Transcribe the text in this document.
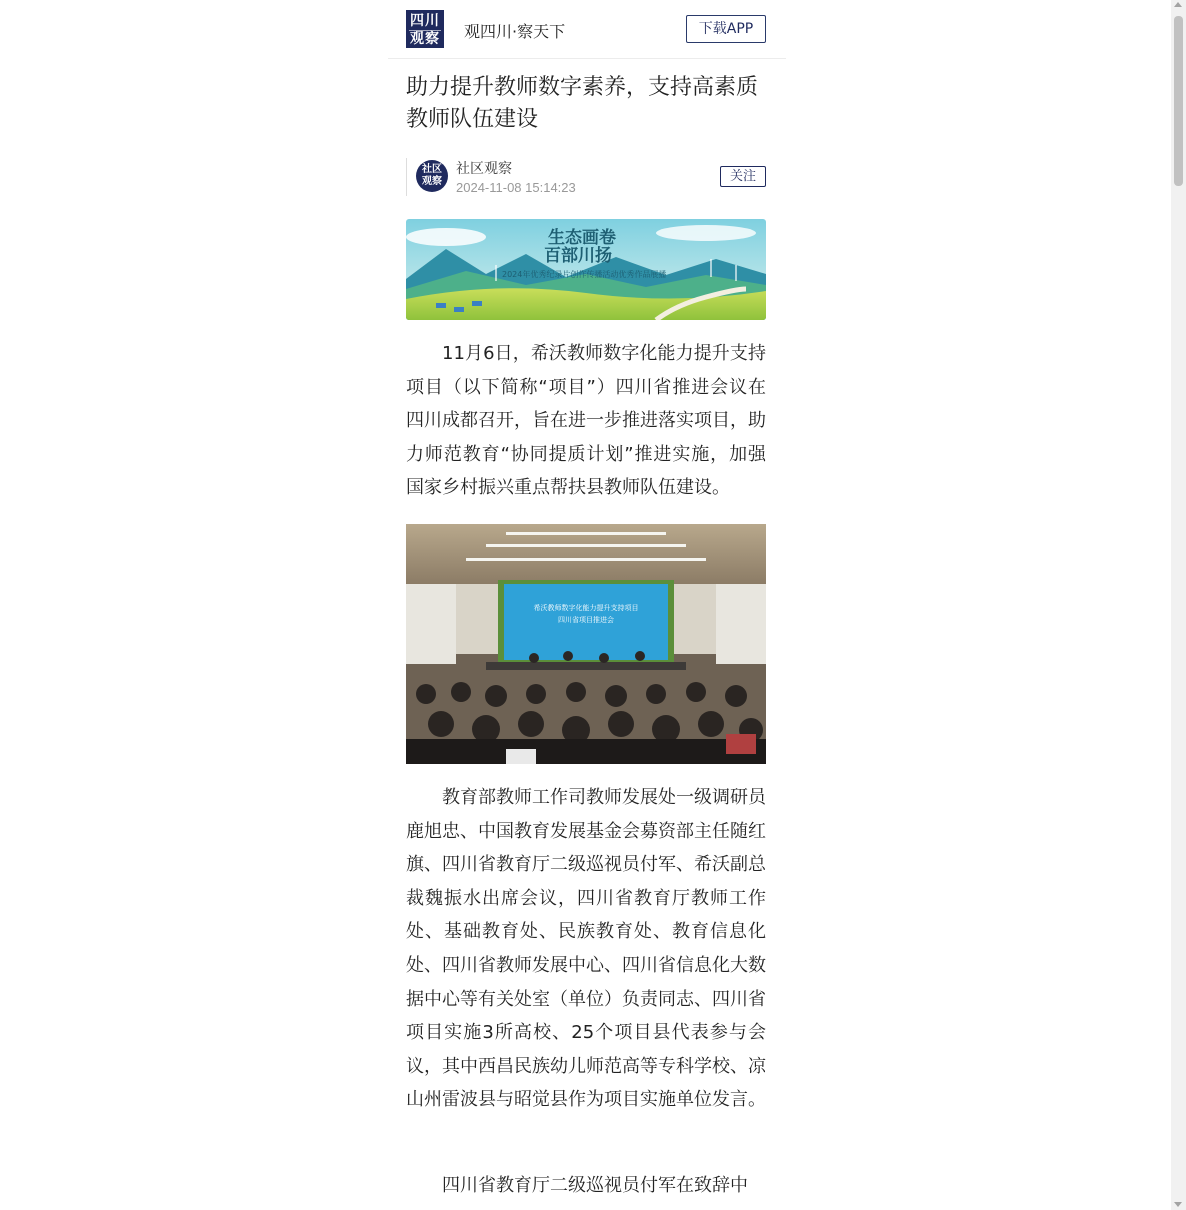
四川
观察 观四川·察天下	下载APP
助力提升教师数字素养，支持高素质教师队伍建设
社区
观察
社区观察
2024-11-08 15:14:23
关注
生态画卷
百部川扬
2024年优秀纪录片创作传播活动优秀作品展播
11月6日，希沃教师数字化能力提升支持项目（以下简称“项目”）四川省推进会议在四川成都召开，旨在进一步推进落实项目，助力师范教育“协同提质计划”推进实施，加强国家乡村振兴重点帮扶县教师队伍建设。
希沃教师数字化能力提升支持项目
四川省项目推进会
教育部教师工作司教师发展处一级调研员鹿旭忠、中国教育发展基金会募资部主任随红旗、四川省教育厅二级巡视员付军、希沃副总裁魏振水出席会议，四川省教育厅教师工作处、基础教育处、民族教育处、教育信息化处、四川省教师发展中心、四川省信息化大数据中心等有关处室（单位）负责同志、四川省项目实施3所高校、25个项目县代表参与会议，其中西昌民族幼儿师范高等专科学校、凉山州雷波县与昭觉县作为项目实施单位发言。
四川省教育厅二级巡视员付军在致辞中
